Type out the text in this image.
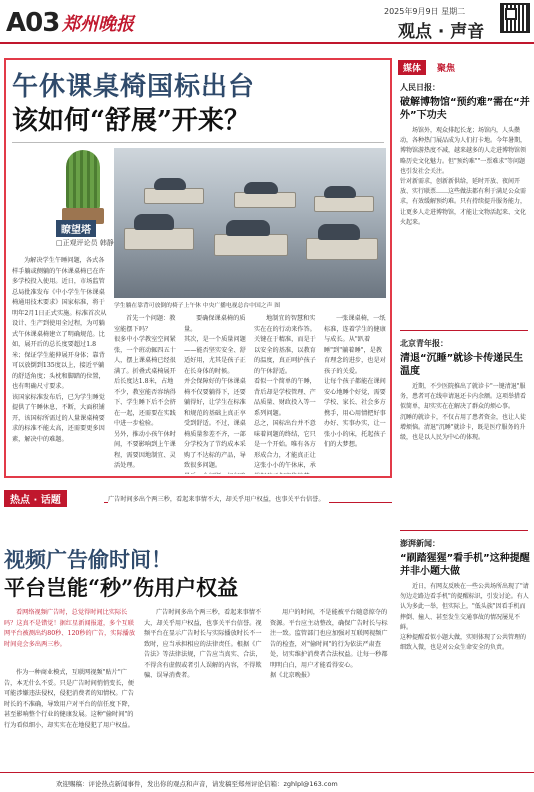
A03 郑州晚报
2025年9月9日 星期二
观点 · 声音
午休课桌椅国标出台
该如何“舒展”开来？
瞭望塔
□正观评论员 韩静
为解决学生午睡问题，各式各样手躺或侧躺的午休课桌椅已在许多学校投入使用。近日，市场监管总局批准发布《中小学生午休课桌椅通用技术要求》国家标准，将于明年2月1日正式实施。标准首次从设计、生产到使用全过程，为可躺式午休课桌椅建立了明确规范。比如，展开后的总长度要超过1.8米；保证学生能伸展开身体；靠背可以放倒到135度以上，接近平躺的舒适角度；头枕和脚踏的位置，也有明确尺寸要求。
该国家标准发布后，已为学生睡觉提供了午睡休息，不断，大面积铺开，该国标所需过的人量课桌椅要求的标准不能太高，还需要更多因素，解决中的难题。
学生躺在靠背可放倒的椅子上午休 中央广播电视总台中国之声 图
首先一个问题：教室能摆下吗？
很多中小学教室空间紧张，一个班动辄四五十人，摆上课桌椅已经很满了。折叠式桌椅展开后长度达1.8米，占地不少，教室能否容纳得下、学生睡下后不会挤在一起，还需要在实践中进一步检验。
另外，推动小孩午休时间，不要影响到上午课程，需要因地制宜、灵活处理。
要确保课桌椅的质量。
其次，是一个质量问题——能否坚实安全、舒适好用，尤其是孩子正在长身体的时候。
并会保障好的午休课桌椅不仅要躺得下，还要躺得好，让学生在标准和规范的基础上真正享受到舒适。不过，课桌椅质量参差不齐，一部分学校为了节约成本采购了不达标的产品，导致很多问题。

地制宜的智慧和实实在在的行动来作答。关键在于精准，而是于以安全的基准，以教育的温度，真正呵护孩子的午休舒适。
看似一个简单的午睡，背后却是学校管理、产品质量、财政投入等一系列问题。
总之，国标出台并不意味着问题的终结，它只是一个开始。唯有各方形成合力，才能真正让这张小小的午休床，承
一张课桌椅，一纸标准，连着学生的健康与成长。从"趴着睡"到"躺着睡"，是教育理念的进步，也是对孩子的关爱。
让每个孩子都能在课间安心地睡个好觉，需要学校、家长、社会多方携手，用心用情把好事办好、实事办实，让一张小小的床，托起孩子们的大梦想。
热点 · 话题	广告时间多出个两三秒，看起来事情不大，却关乎用户权益，也事关平台信誉。
视频广告偷时间！
平台岂能“秒”伤用户权益
看网络视频广告时，总觉得时间比实际长吗？这真不是错觉！据红星新闻报道，多个互联网平台被测出约80秒、120秒的广告，实际播放时间竟会多出两三秒。
作为一种商业模式，互联网视频"贴片"广告，本无什么不妥。只是广告时间悄悄变长，便可能涉嫌违法侵权，侵犯消费者的知情权。广告时长的不准确，导致用户对平台的信任度下降，甚至影响整个行业的健康发展。这种"偷时间"的行为看似细小，却实实在在地侵犯了用户权益。
广告时间多出个两三秒，看起来事情不大，却关乎用户权益，也事关平台信誉。视频平台在显示广告时长与实际播放时长不一致时，应当承担相应的法律责任。根据《广告法》等法律法规，广告应当真实、合法，不得含有虚假或者引人误解的内容，不得欺骗、误导消费者。
用户的时间，不是能被平台随意掠夺的资源。平台应主动整改，确保广告时长与标注一致。监管部门也应加强对互联网视频广告的检查，对"偷时间"的行为依法严肃查处，切实维护消费者合法权益。让每一秒都明明白白，用户才能看得安心。
据《北京晚报》
欢迎赐稿：评论热点新闻事件，发出你的观点和声音，请发稿至郑州评论信箱：zghlpl@163.com
媒体	聚焦
人民日报：
破解博物馆“预约难”需在“并外”下功夫
场馆外，观众排起长龙；场馆内，人头攒动，各种热门展品成为人们打卡地。今年暑期，博物馆游热度不减，越来越多的人走进博物馆领略历史文化魅力。但"预约难""一票难求"等问题也引发社会关注。
针对新需求，创新新供给，延时开放、夜间开放、实行联票……这些做法都有利于满足公众需求，有效缓解预约难。只有持续提升服务能力，让更多人走进博物馆，才能让文物活起来、文化火起来。
北京青年报：
清退“沉睡”就诊卡传递民生温度
近期，不少医院推出了就诊卡"一键清退"服务，患者可在线申请退还卡内余额。这项举措看似简单，却实实在在解决了群众的烦心事。
沉睡的就诊卡，不仅占用了患者资金，也让人徒增烦恼。清退"沉睡"就诊卡，既是医疗服务的升级，也是以人民为中心的体现。
澎湃新闻：
“刷踏猩猩”看手机”这种提醒并非小题大做
近日，有网友反映在一些公共场所出现了"请勿边走路边看手机"的提醒标识，引发讨论。有人认为多此一举，但实际上，"低头族"因看手机而摔倒、撞人、甚至发生交通事故的情况屡见不鲜。
这种提醒看似小题大做，实则体现了公共管理的细致入微，也是对公众生命安全的负责。
